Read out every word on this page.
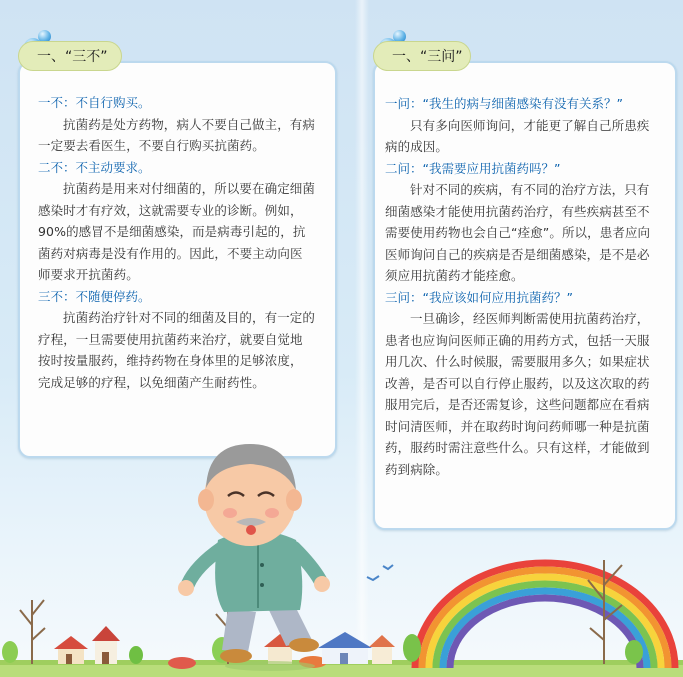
一、“三不”
一不：不自行购买。
抗菌药是处方药物，病人不要自己做主，有病一定要去看医生，不要自行购买抗菌药。
二不：不主动要求。
抗菌药是用来对付细菌的，所以要在确定细菌感染时才有疗效，这就需要专业的诊断。例如，90%的感冒不是细菌感染，而是病毒引起的，抗菌药对病毒是没有作用的。因此，不要主动向医师要求开抗菌药。
三不：不随便停药。
抗菌药治疗针对不同的细菌及目的，有一定的疗程，一旦需要使用抗菌药来治疗，就要自觉地按时按量服药，维持药物在身体里的足够浓度，完成足够的疗程，以免细菌产生耐药性。
一、“三问”
一问：“我生的病与细菌感染有没有关系？”
只有多向医师询问，才能更了解自己所患疾病的成因。
二问：“我需要应用抗菌药吗？”
针对不同的疾病，有不同的治疗方法，只有细菌感染才能使用抗菌药治疗，有些疾病甚至不需要使用药物也会自己“痊愈”。所以，患者应向医师询问自己的疾病是否是细菌感染，是不是必须应用抗菌药才能痊愈。
三问：“我应该如何应用抗菌药？”
一旦确诊，经医师判断需使用抗菌药治疗，患者也应询问医师正确的用药方式，包括一天服用几次、什么时候服，需要服用多久；如果症状改善，是否可以自行停止服药，以及这次取的药服用完后，是否还需复诊，这些问题都应在看病时问清医师，并在取药时询问药师哪一种是抗菌药，服药时需注意些什么。只有这样，才能做到药到病除。
